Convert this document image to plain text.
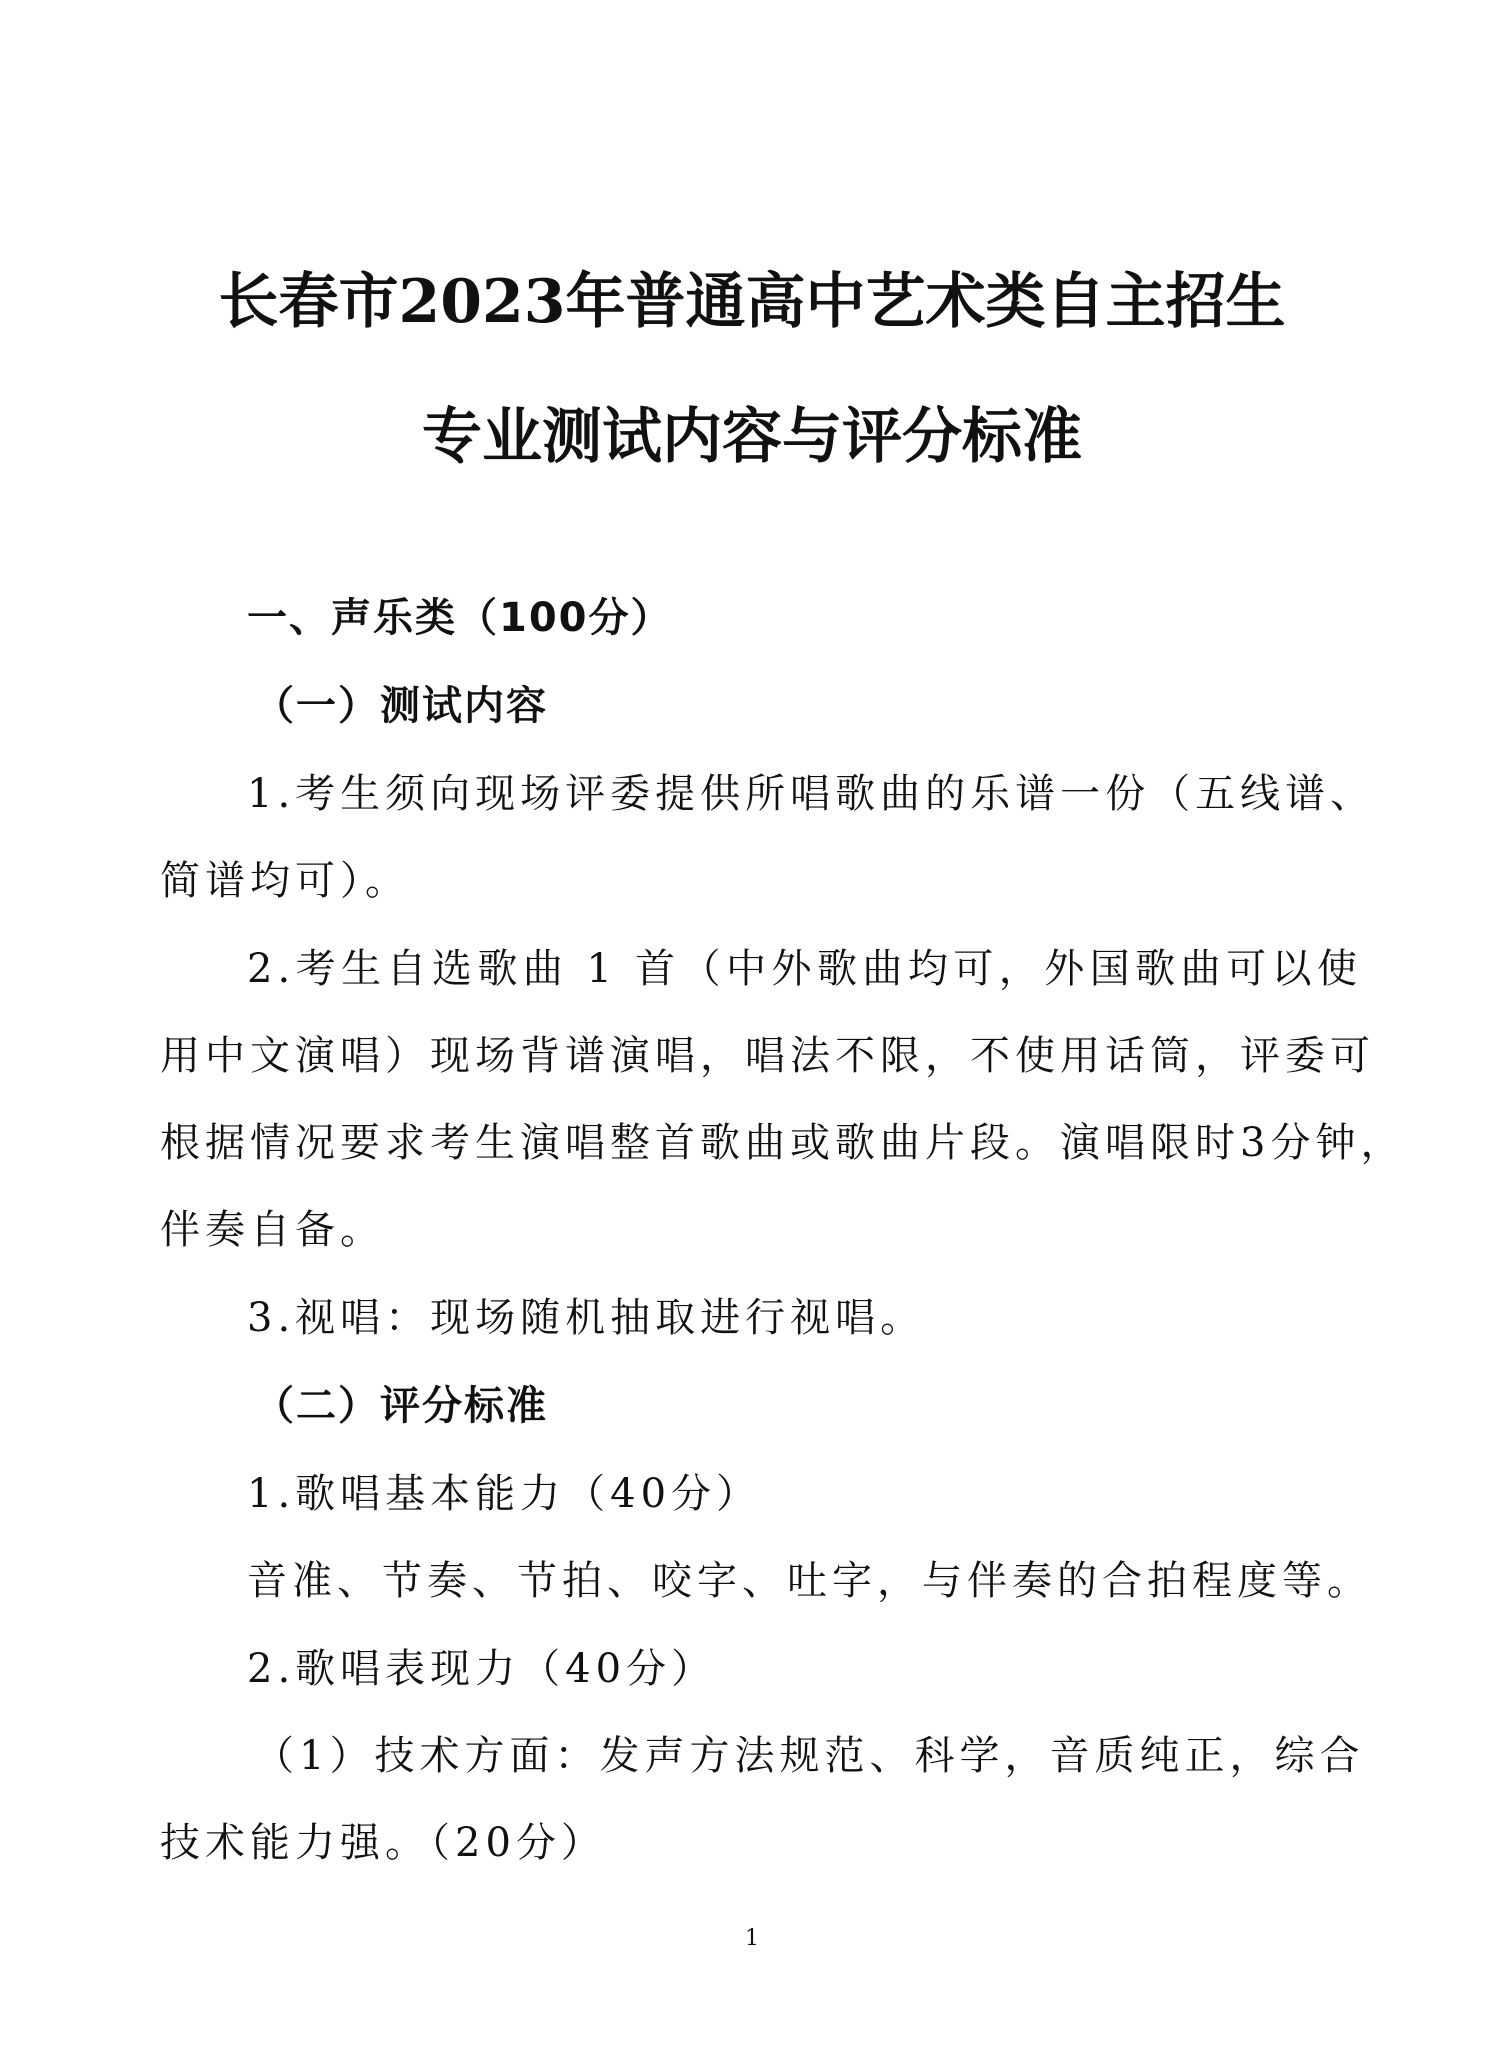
长春市2023年普通高中艺术类自主招生
专业测试内容与评分标准

一、声乐类（100分）

（一）测试内容

1.考生须向现场评委提供所唱歌曲的乐谱一份（五线谱、

简谱均可）。

2.考生自选歌曲 1 首（中外歌曲均可，外国歌曲可以使

用中文演唱）现场背谱演唱，唱法不限，不使用话筒，评委可

根据情况要求考生演唱整首歌曲或歌曲片段。演唱限时3分钟，

伴奏自备。

3.视唱：现场随机抽取进行视唱。

（二）评分标准

1.歌唱基本能力（40分）

音准、节奏、节拍、咬字、吐字，与伴奏的合拍程度等。

2.歌唱表现力（40分）

（1）技术方面：发声方法规范、科学，音质纯正，综合

技术能力强。（20分）

1
